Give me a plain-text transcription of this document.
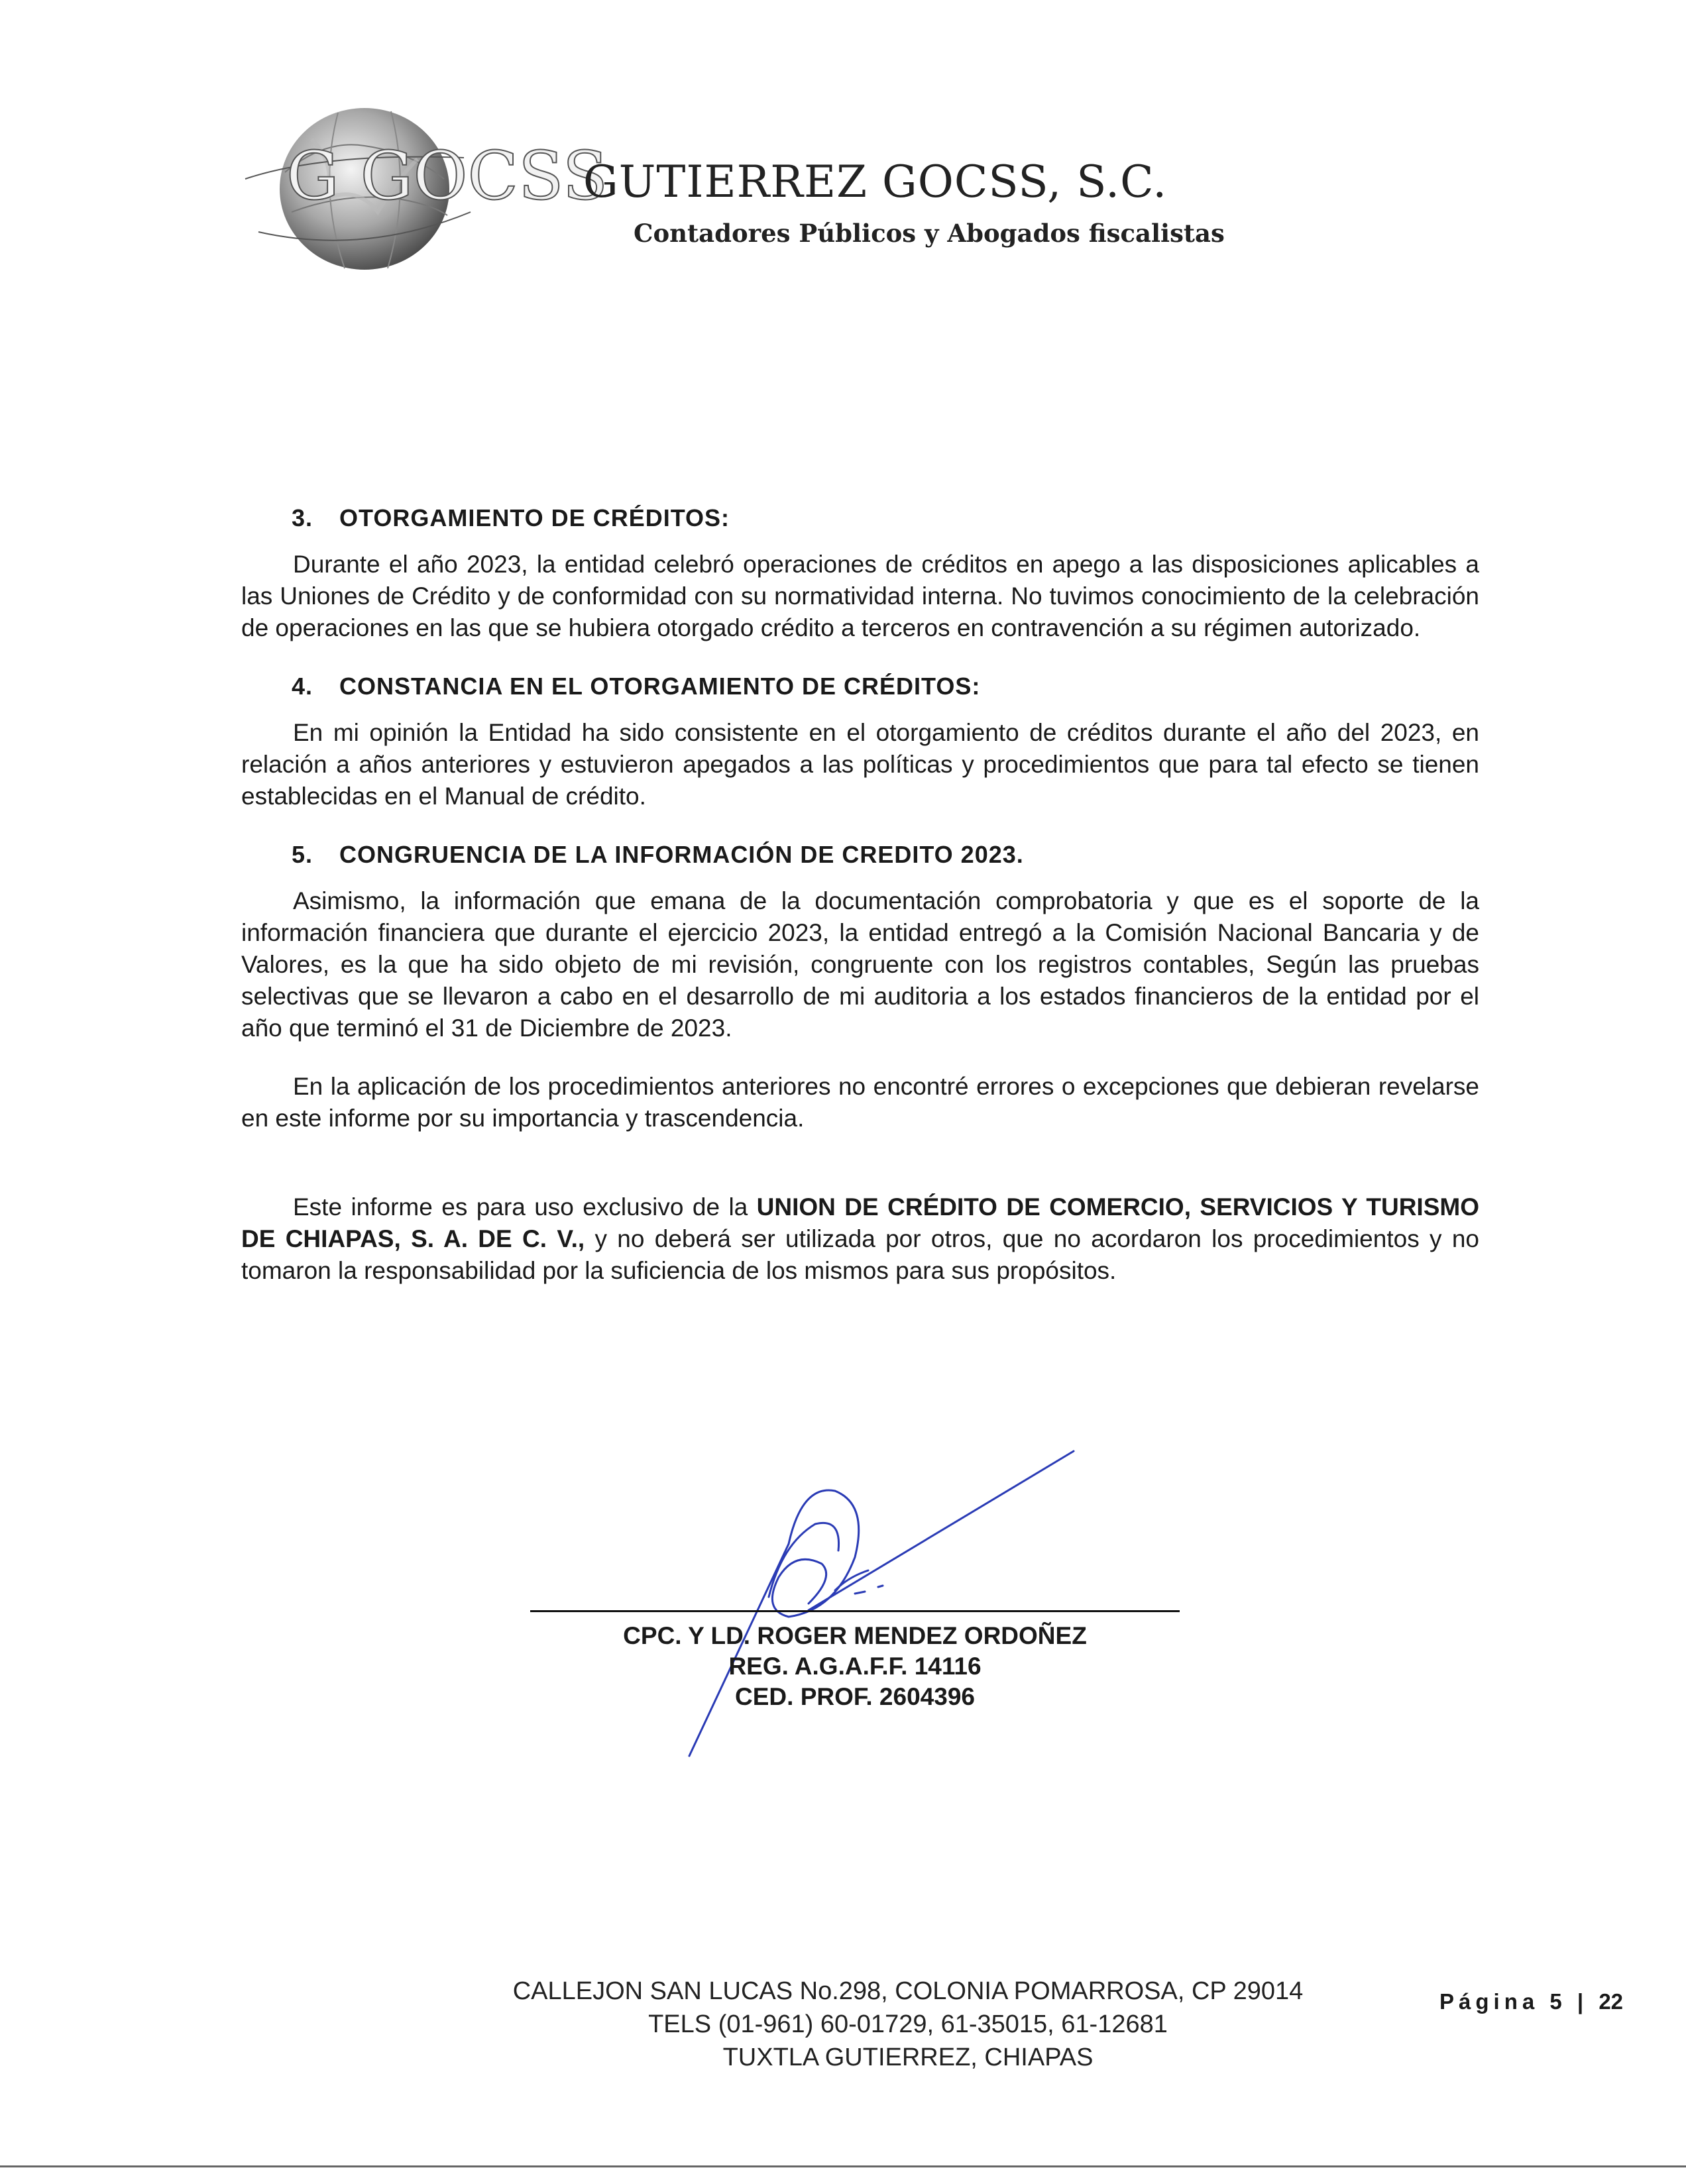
G GOCSS
GUTIERREZ GOCSS, S.C.
Contadores Públicos y Abogados fiscalistas
3. OTORGAMIENTO DE CRÉDITOS:

Durante el año 2023, la entidad celebró operaciones de créditos en apego a las disposiciones aplicables a las Uniones de Crédito y de conformidad con su normatividad interna. No tuvimos conocimiento de la celebración de operaciones en las que se hubiera otorgado crédito a terceros en contravención a su régimen autorizado.

4. CONSTANCIA EN EL OTORGAMIENTO DE CRÉDITOS:

En mi opinión la Entidad ha sido consistente en el otorgamiento de créditos durante el año del 2023, en relación a años anteriores y estuvieron apegados a las políticas y procedimientos que para tal efecto se tienen establecidas en el Manual de crédito.

5. CONGRUENCIA DE LA INFORMACIÓN DE CREDITO 2023.

Asimismo, la información que emana de la documentación comprobatoria y que es el soporte de la información financiera que durante el ejercicio 2023, la entidad entregó a la Comisión Nacional Bancaria y de Valores, es la que ha sido objeto de mi revisión, congruente con los registros contables, Según las pruebas selectivas que se llevaron a cabo en el desarrollo de mi auditoria a los estados financieros de la entidad por el año que terminó el 31 de Diciembre de 2023.

En la aplicación de los procedimientos anteriores no encontré errores o excepciones que debieran revelarse en este informe por su importancia y trascendencia.

Este informe es para uso exclusivo de la UNION DE CRÉDITO DE COMERCIO, SERVICIOS Y TURISMO DE CHIAPAS, S. A. DE C. V., y no deberá ser utilizada por otros, que no acordaron los procedimientos y no tomaron la responsabilidad por la suficiencia de los mismos para sus propósitos.

CPC. Y LD. ROGER MENDEZ ORDOÑEZ
REG. A.G.A.F.F. 14116
CED. PROF. 2604396
CALLEJON SAN LUCAS No.298, COLONIA POMARROSA, CP 29014
TELS (01-961) 60-01729, 61-35015, 61-12681
TUXTLA GUTIERREZ, CHIAPAS
Página 5 | 22
